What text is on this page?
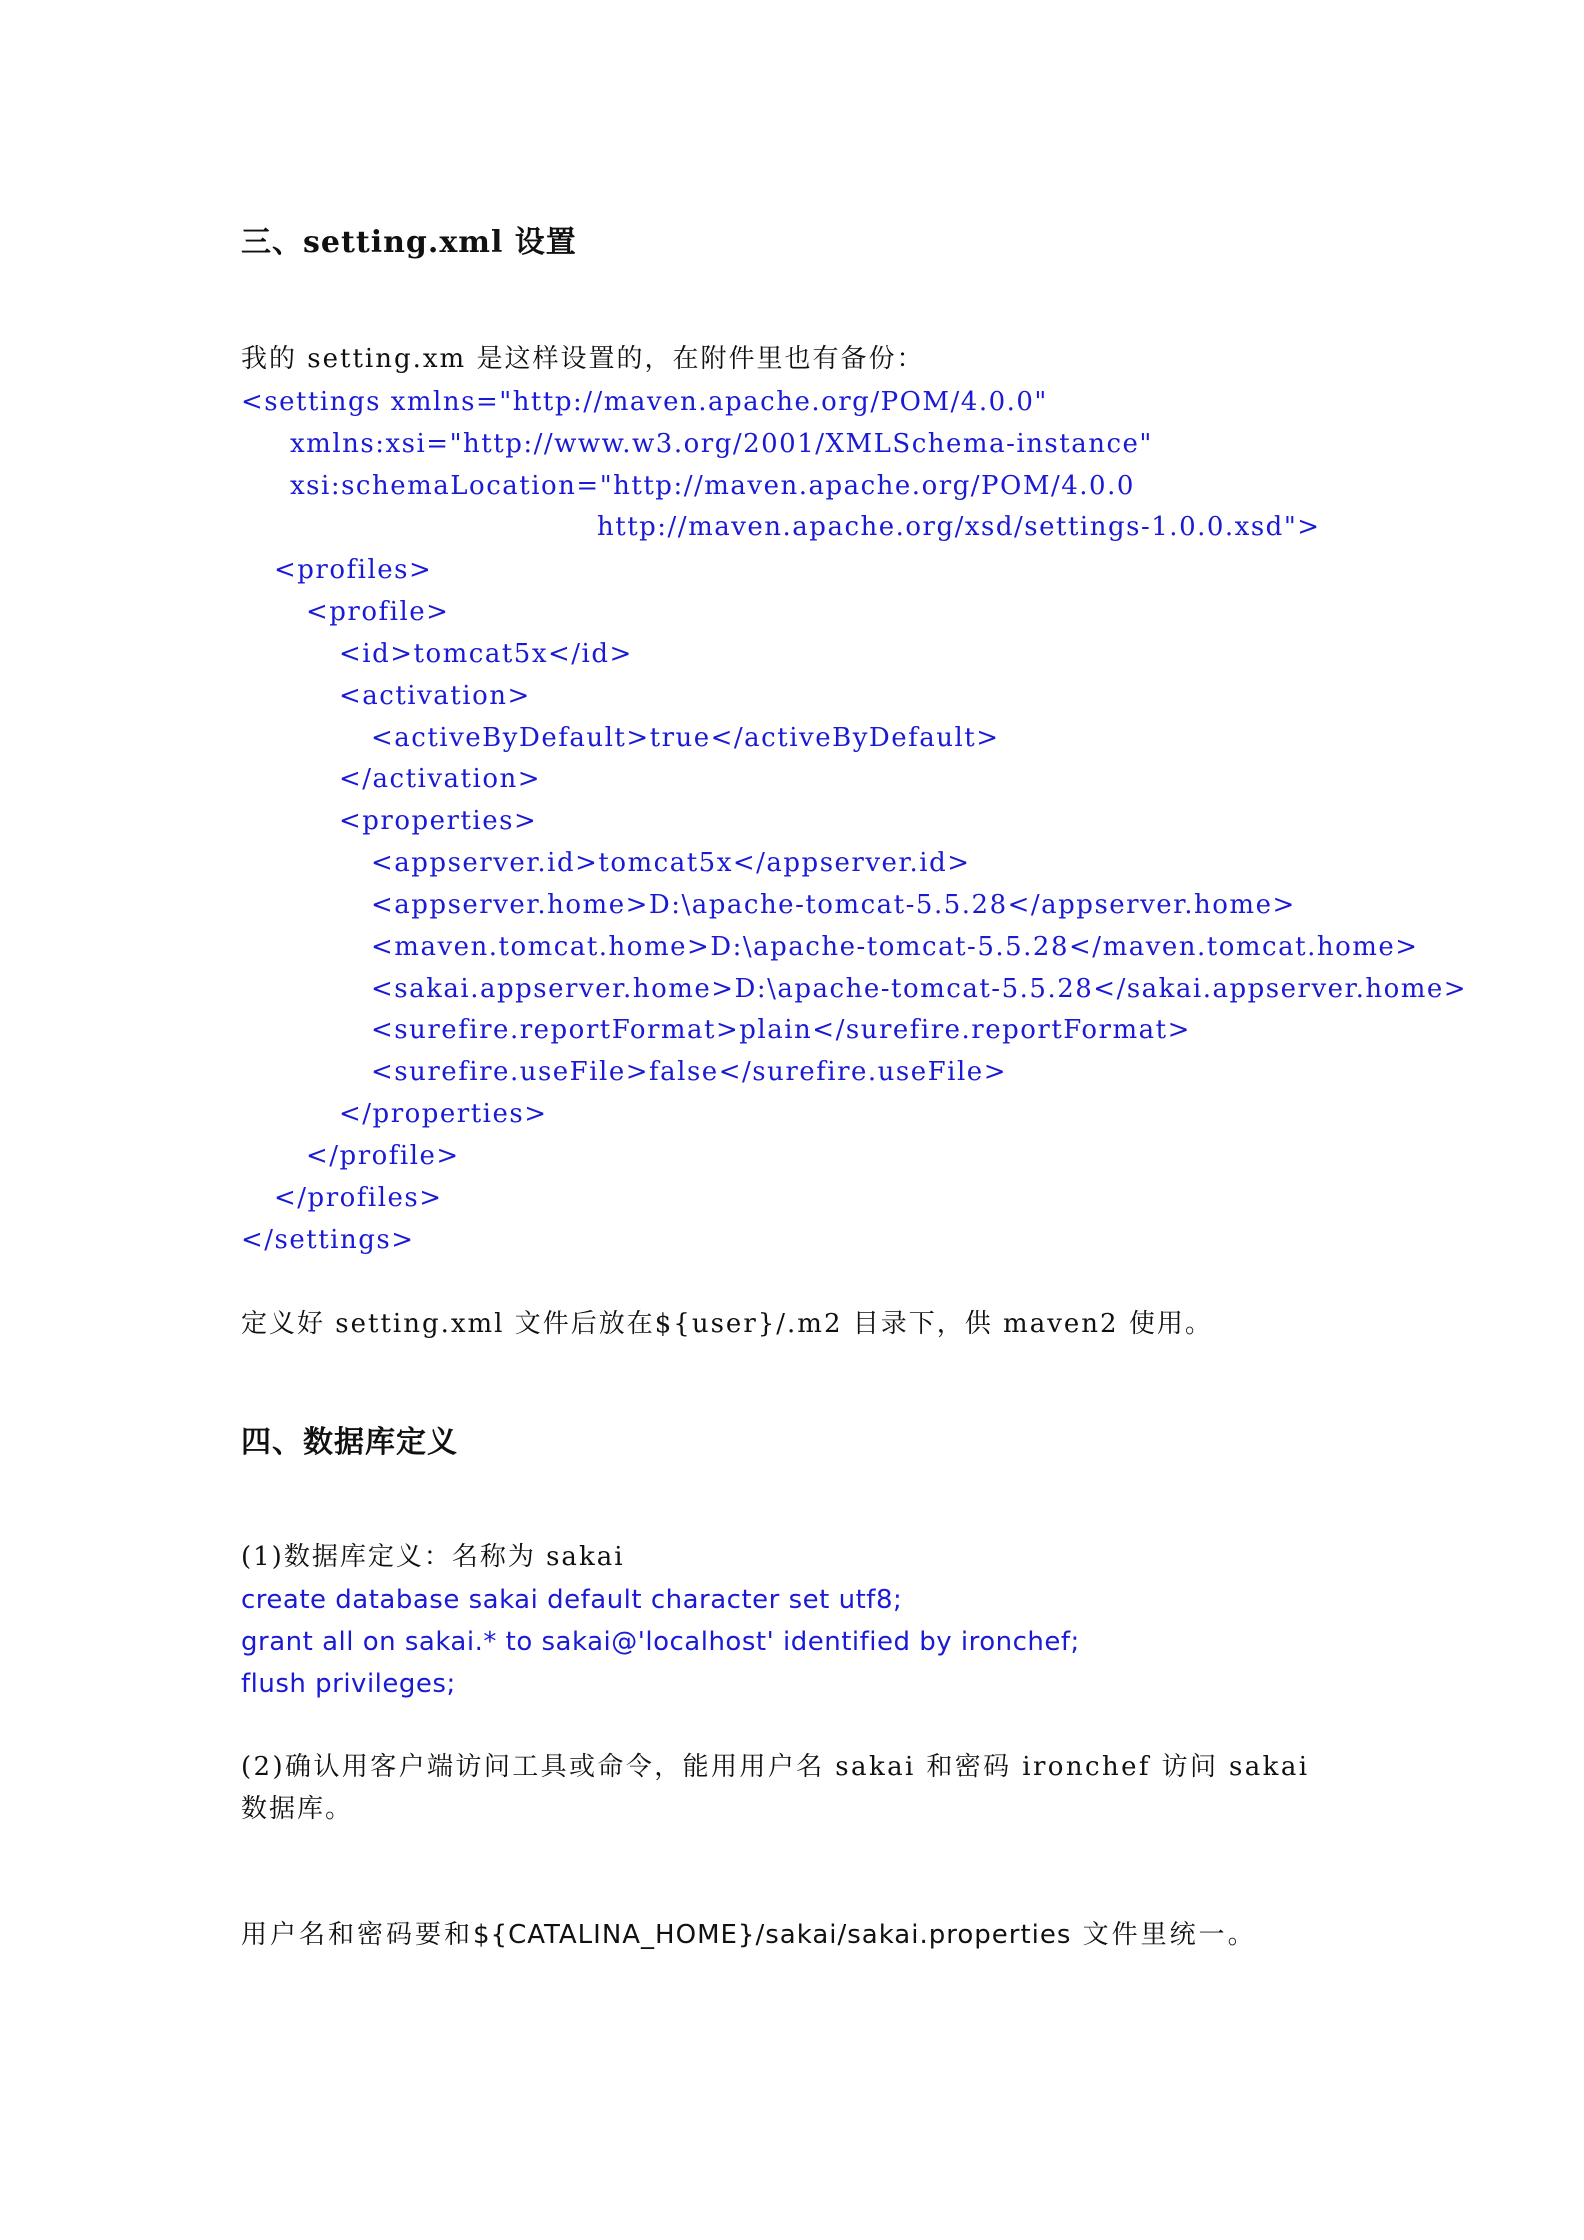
三、setting.xml 设置
我的 setting.xm 是这样设置的，在附件里也有备份：
<settings xmlns="http://maven.apache.org/POM/4.0.0"
xmlns:xsi="http://www.w3.org/2001/XMLSchema-instance"
xsi:schemaLocation="http://maven.apache.org/POM/4.0.0
http://maven.apache.org/xsd/settings-1.0.0.xsd">
<profiles>
<profile>
<id>tomcat5x</id>
<activation>
<activeByDefault>true</activeByDefault>
</activation>
<properties>
<appserver.id>tomcat5x</appserver.id>
<appserver.home>D:\apache-tomcat-5.5.28</appserver.home>
<maven.tomcat.home>D:\apache-tomcat-5.5.28</maven.tomcat.home>
<sakai.appserver.home>D:\apache-tomcat-5.5.28</sakai.appserver.home>
<surefire.reportFormat>plain</surefire.reportFormat>
<surefire.useFile>false</surefire.useFile>
</properties>
</profile>
</profiles>
</settings>
定义好 setting.xml 文件后放在${user}/.m2 目录下，供 maven2 使用。
四、数据库定义
(1)数据库定义：名称为 sakai
create database sakai default character set utf8;
grant all on sakai.* to sakai@'localhost' identified by ironchef;
flush privileges;
(2)确认用客户端访问工具或命令，能用用户名 sakai 和密码 ironchef 访问 sakai
数据库。
用户名和密码要和${CATALINA_HOME}/sakai/sakai.properties 文件里统一。
